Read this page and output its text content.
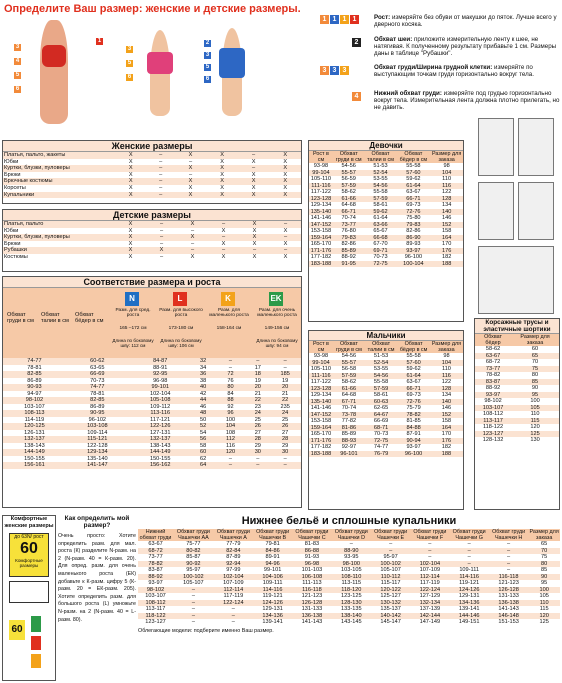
Определите Ваш размер: женские и детские размеры.
3
4
5
6
1
3
5
6
2
3
5
6
1 1 1 1	Рост: измеряйте без обуви от макушки до пяток. Лучше всего у дверного косяка.
2	Обхват шеи: приложите измерительную ленту к шее, не натягивая. К полученному результату прибавьте 1 см. Размеры даны в таблице "Рубашки".
3 3 3	Обхват груди/Ширина грудной клетки: измеряйте по выступающим точкам груди горизонтально вокруг тела.
4	Нижний обхват груди: измеряйте под грудью горизонтально вокруг тела. Измерительная лента должна плотно прилегать, но не давить.
Женские размеры
Платья, пальто, жакеты	X	–	X	X	–	X
Юбки	X	–	–	X	X	X
Куртки, блузки, пуловеры	X	–	X	X	–	X
Брюки	X	–	–	X	X	X
Брючные костюмы	X	–	X	X	X	X
Корсеты	X	–	X	X	X	X
Купальники	X	–	X	X	X	X
Детские размеры
Платья, пальто	X	–	X	–	X	–
Юбки	X	–	–	X	X	X
Куртки, блузки, пуловеры	X	–	X	–	X	–
Брюки	X	–	–	X	X	X
Рубашки	X	X	–	–	–	–
Костюмы	X	–	X	X	X	X
Соответствие размера и роста
Обхват груди в см
Обхват талии в см
Обхват бёдер в см
N
Разм. для сред. роста
165 –172 см
Длина по боковому шву: 112 см
L
Разм. для высокого роста
173-180 см
Длина по боковому шву: 106 см
K
Разм. для маленького роста
158-164 см
Длина по боковому шву: 94 см
EK
Разм. для очень маленького роста
149-156 см
74-77	60-62	84-87	32	–	–	–
78-81	63-65	88-91	34	–	17	–
82-85	66-69	92-95	36	72	18	185
86-89	70-73	96-98	38	76	19	19
90-93	74-77	99-101	40	80	20	20
94-97	78-81	102-104	42	84	21	21
98-102	82-85	105-108	44	88	22	22
103-107	86-89	109-112	46	92	23	235
108-113	90-95	113-116	48	96	24	24
114-119	96-102	117-121	50	100	25	25
120-125	103-108	122-126	52	104	26	26
126-131	109-114	127-131	54	108	27	27
132-137	115-121	132-137	56	112	28	28
138-143	122-128	138-143	58	116	29	29
144-149	129-134	144-149	60	120	30	30
150-155	135-140	150-155	62	–	–	–
156-161	141-147	156-162	64	–	–	–
Комфортные женские размеры
до 63N/ рост
60
Комфортные размеры
60
Как определить мой размер?
Очень просто: Хотите определить разм. для мал. роста (К) разделите N-разм. на 2 (N-разм. 40 = К-разм. 20). Для опред. разм. для очень маленького роста (ЕК) добавьте к К-разм. цифру 5 (К-разм. 20 = ЕК-разм. 205). Хотите определить разм. для большого роста (L) умножьте N-разм. на 2 (N-разм. 40 = L-разм. 80).
Нижнее бельё и сплошные купальники
Нижний обхват груди	Обхват груди Чашечки AA	Обхват груди Чашечки A	Обхват груди Чашечки B	Обхват груди Чашечки C	Обхват груди Чашечки D	Обхват груди Чашечки E	Обхват груди Чашечки F	Обхват груди Чашечки G	Обхват груди Чашечки H	Размер для заказа
63-67	75-77	77-79	79-81	81-83	–	–	–	–	–	65
68-72	80-82	82-84	84-86	86-88	88-90	–	–	–	–	70
73-77	85-87	87-89	89-91	91-93	93-95	95-97	–	–	–	75
78-82	90-92	92-94	94-96	96-98	98-100	100-102	102-104	–	–	80
83-87	95-97	97-99	99-101	101-103	103-105	105-107	107-109	109-111	–	85
88-92	100-102	102-104	104-106	106-108	108-110	110-112	112-114	114-116	116-118	90
93-97	105-107	107-109	109-111	111-113	113-115	115-117	117-119	119-121	121-123	95
98-102	–	112-114	114-116	116-118	118-120	120-122	122-124	124-126	126-128	100
103-107	–	117-119	119-121	121-123	123-125	125-127	127-129	129-131	131-133	105
108-112	–	122-124	124-126	126-128	128-130	130-132	132-134	134-136	136-138	110
113-117	–	–	129-131	131-133	133-135	135-137	137-139	139-141	141-143	115
118-122	–	–	134-136	136-138	138-140	140-142	142-144	144-146	146-148	120
123-127	–	–	139-141	141-143	143-145	145-147	147-149	149-151	151-153	125
Облегающие модели: подберите именно Ваш размер.
Девочки
Рост в см	Обхват груди в см	Обхват талии в см	Обхват бёдер в см	Размер для заказа
93-98	54-56	51-53	55-58	98
99-104	55-57	52-54	57-60	104
105-110	56-59	53-55	59-62	110
111-116	57-59	54-56	61-64	116
117-122	58-62	55-58	63-67	122
123-128	61-66	57-59	66-71	128
129-134	64-68	58-61	69-73	134
135-140	66-71	59-62	72-76	140
141-146	70-74	61-64	75-80	146
147-152	73-77	63-66	79-83	152
153-158	76-80	65-67	82-86	158
159-164	79-83	66-68	86-90	164
165-170	82-86	67-70	89-93	170
171-176	85-89	69-71	93-97	176
177-182	88-92	70-73	96-100	182
183-188	91-95	72-75	100-104	188
Мальчики
Рост в см	Обхват груди в см	Обхват талии в см	Обхват бёдер в см	Размер для заказа
93-98	54-56	51-53	55-58	98
99-104	55-57	52-54	57-60	104
105-110	56-58	53-55	59-62	110
111-116	57-59	54-56	61-64	116
117-122	58-62	55-58	63-67	122
123-128	61-66	57-59	66-71	128
129-134	64-68	58-61	69-73	134
135-140	67-71	60-63	72-76	140
141-146	70-74	62-65	75-79	146
147-152	73-78	64-67	78-82	152
153-158	77-82	66-69	81-85	158
159-164	81-86	68-71	84-88	164
165-170	85-89	70-73	87-91	170
171-176	88-93	72-75	90-94	176
177-182	92-97	74-77	93-97	182
183-188	96-101	76-79	96-100	188
Корсажные трусы и эластичные шортики
Обхват бёдер	Размер для заказа
58-62	60
63-67	65
68-72	70
73-77	75
78-82	80
83-87	85
88-92	90
93-97	95
98-102	100
103-107	105
108-112	110
113-117	115
118-122	120
123-127	125
128-132	130
